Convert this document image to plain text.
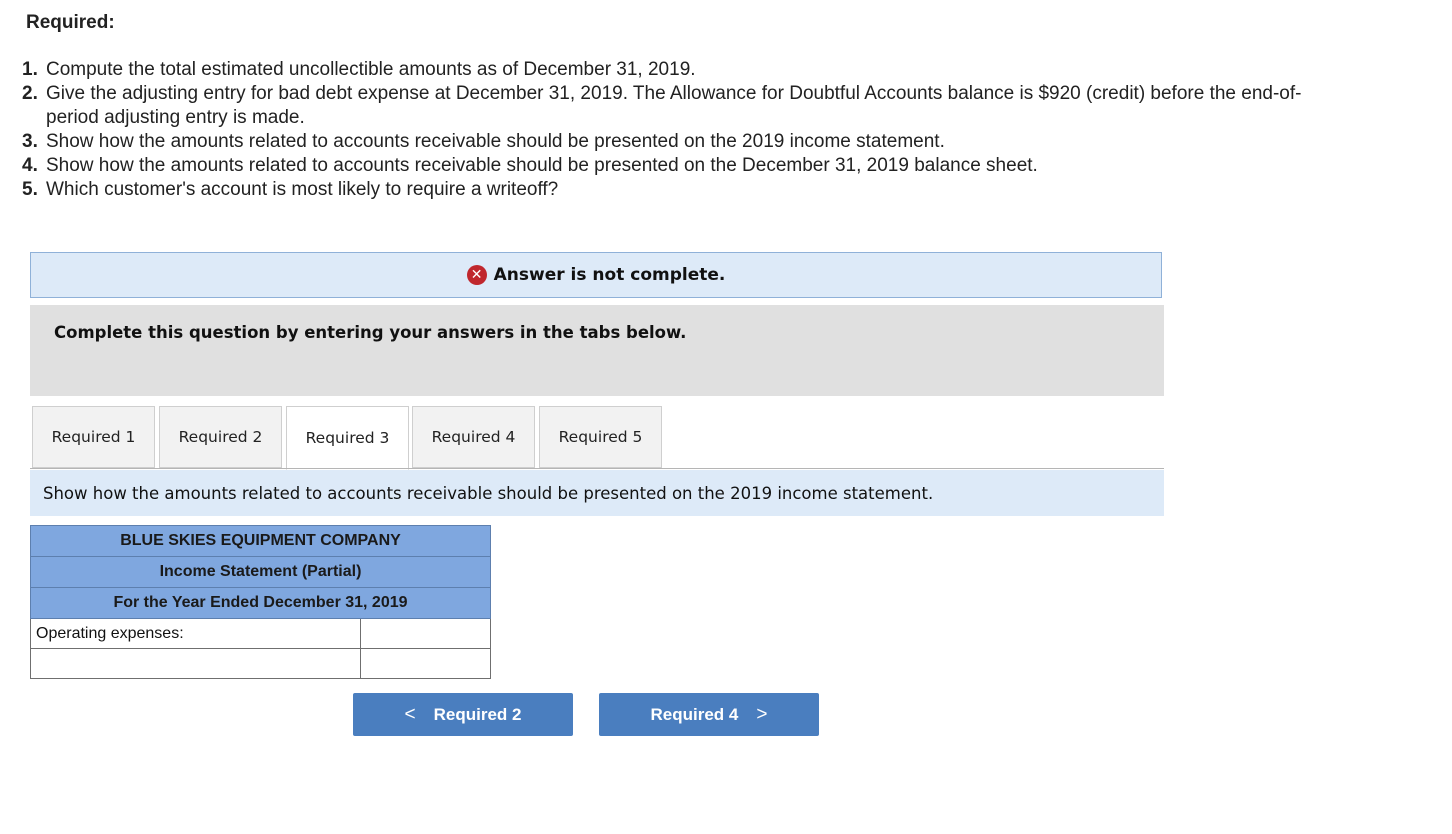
Required:
1. Compute the total estimated uncollectible amounts as of December 31, 2019.
2. Give the adjusting entry for bad debt expense at December 31, 2019. The Allowance for Doubtful Accounts balance is $920 (credit) before the end-of-period adjusting entry is made.
3. Show how the amounts related to accounts receivable should be presented on the 2019 income statement.
4. Show how the amounts related to accounts receivable should be presented on the December 31, 2019 balance sheet.
5. Which customer's account is most likely to require a writeoff?
✕ Answer is not complete.
Complete this question by entering your answers in the tabs below.
Required 1	Required 2	Required 3	Required 4	Required 5
Show how the amounts related to accounts receivable should be presented on the 2019 income statement.
BLUE SKIES EQUIPMENT COMPANY	
Income Statement (Partial)	
For the Year Ended December 31, 2019	
Operating expenses:	

< Required 2	Required 4 >
